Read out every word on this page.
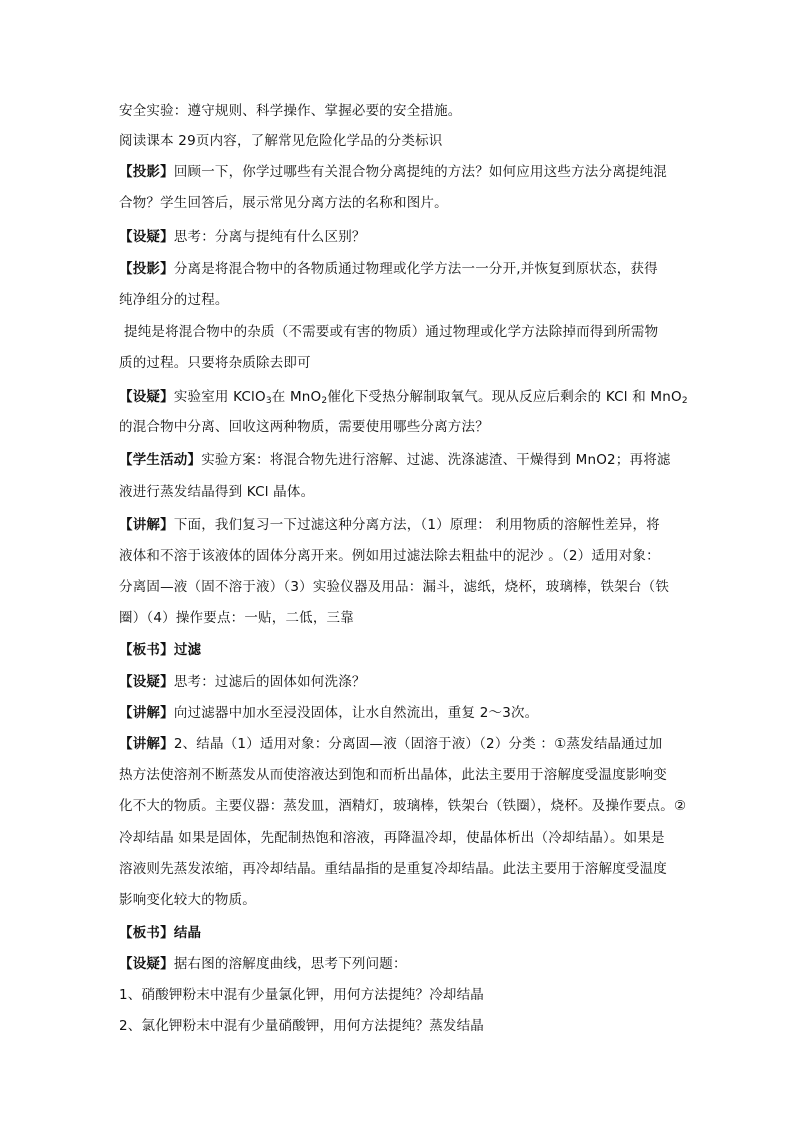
安全实验：遵守规则、科学操作、掌握必要的安全措施。
阅读课本 29页内容，了解常见危险化学品的分类标识
【投影】回顾一下，你学过哪些有关混合物分离提纯的方法？如何应用这些方法分离提纯混
合物？学生回答后，展示常见分离方法的名称和图片。
【设疑】思考：分离与提纯有什么区别？
【投影】分离是将混合物中的各物质通过物理或化学方法一一分开,并恢复到原状态，获得
纯净组分的过程。
提纯是将混合物中的杂质（不需要或有害的物质）通过物理或化学方法除掉而得到所需物
质的过程。只要将杂质除去即可
【设疑】实验室用 KClO$_3$在 MnO$_2$催化下受热分解制取氧气。现从反应后剩余的 KCl 和 MnO$_2$
的混合物中分离、回收这两种物质，需要使用哪些分离方法？
【学生活动】实验方案：将混合物先进行溶解、过滤、洗涤滤渣、干燥得到 MnO2；再将滤
液进行蒸发结晶得到 KCl 晶体。
【讲解】下面，我们复习一下过滤这种分离方法，（1）原理： 利用物质的溶解性差异，将
液体和不溶于该液体的固体分离开来。例如用过滤法除去粗盐中的泥沙 。（2）适用对象：
分离固—液（固不溶于液）（3）实验仪器及用品：漏斗，滤纸，烧杯，玻璃棒，铁架台（铁
圈）（4）操作要点：一贴，二低，三靠
【板书】过滤
【设疑】思考：过滤后的固体如何洗涤？
【讲解】向过滤器中加水至浸没固体，让水自然流出，重复 2～3次。
【讲解】2、结晶（1）适用对象：分离固—液（固溶于液）（2）分类 ：①蒸发结晶通过加
热方法使溶剂不断蒸发从而使溶液达到饱和而析出晶体，此法主要用于溶解度受温度影响变
化不大的物质。主要仪器：蒸发皿，酒精灯，玻璃棒，铁架台（铁圈），烧杯。及操作要点。②
冷却结晶 如果是固体，先配制热饱和溶液，再降温冷却，使晶体析出（冷却结晶）。如果是
溶液则先蒸发浓缩，再冷却结晶。重结晶指的是重复冷却结晶。此法主要用于溶解度受温度
影响变化较大的物质。
【板书】结晶
【设疑】据右图的溶解度曲线，思考下列问题：
1、硝酸钾粉末中混有少量氯化钾，用何方法提纯？冷却结晶
2、氯化钾粉末中混有少量硝酸钾，用何方法提纯？蒸发结晶
